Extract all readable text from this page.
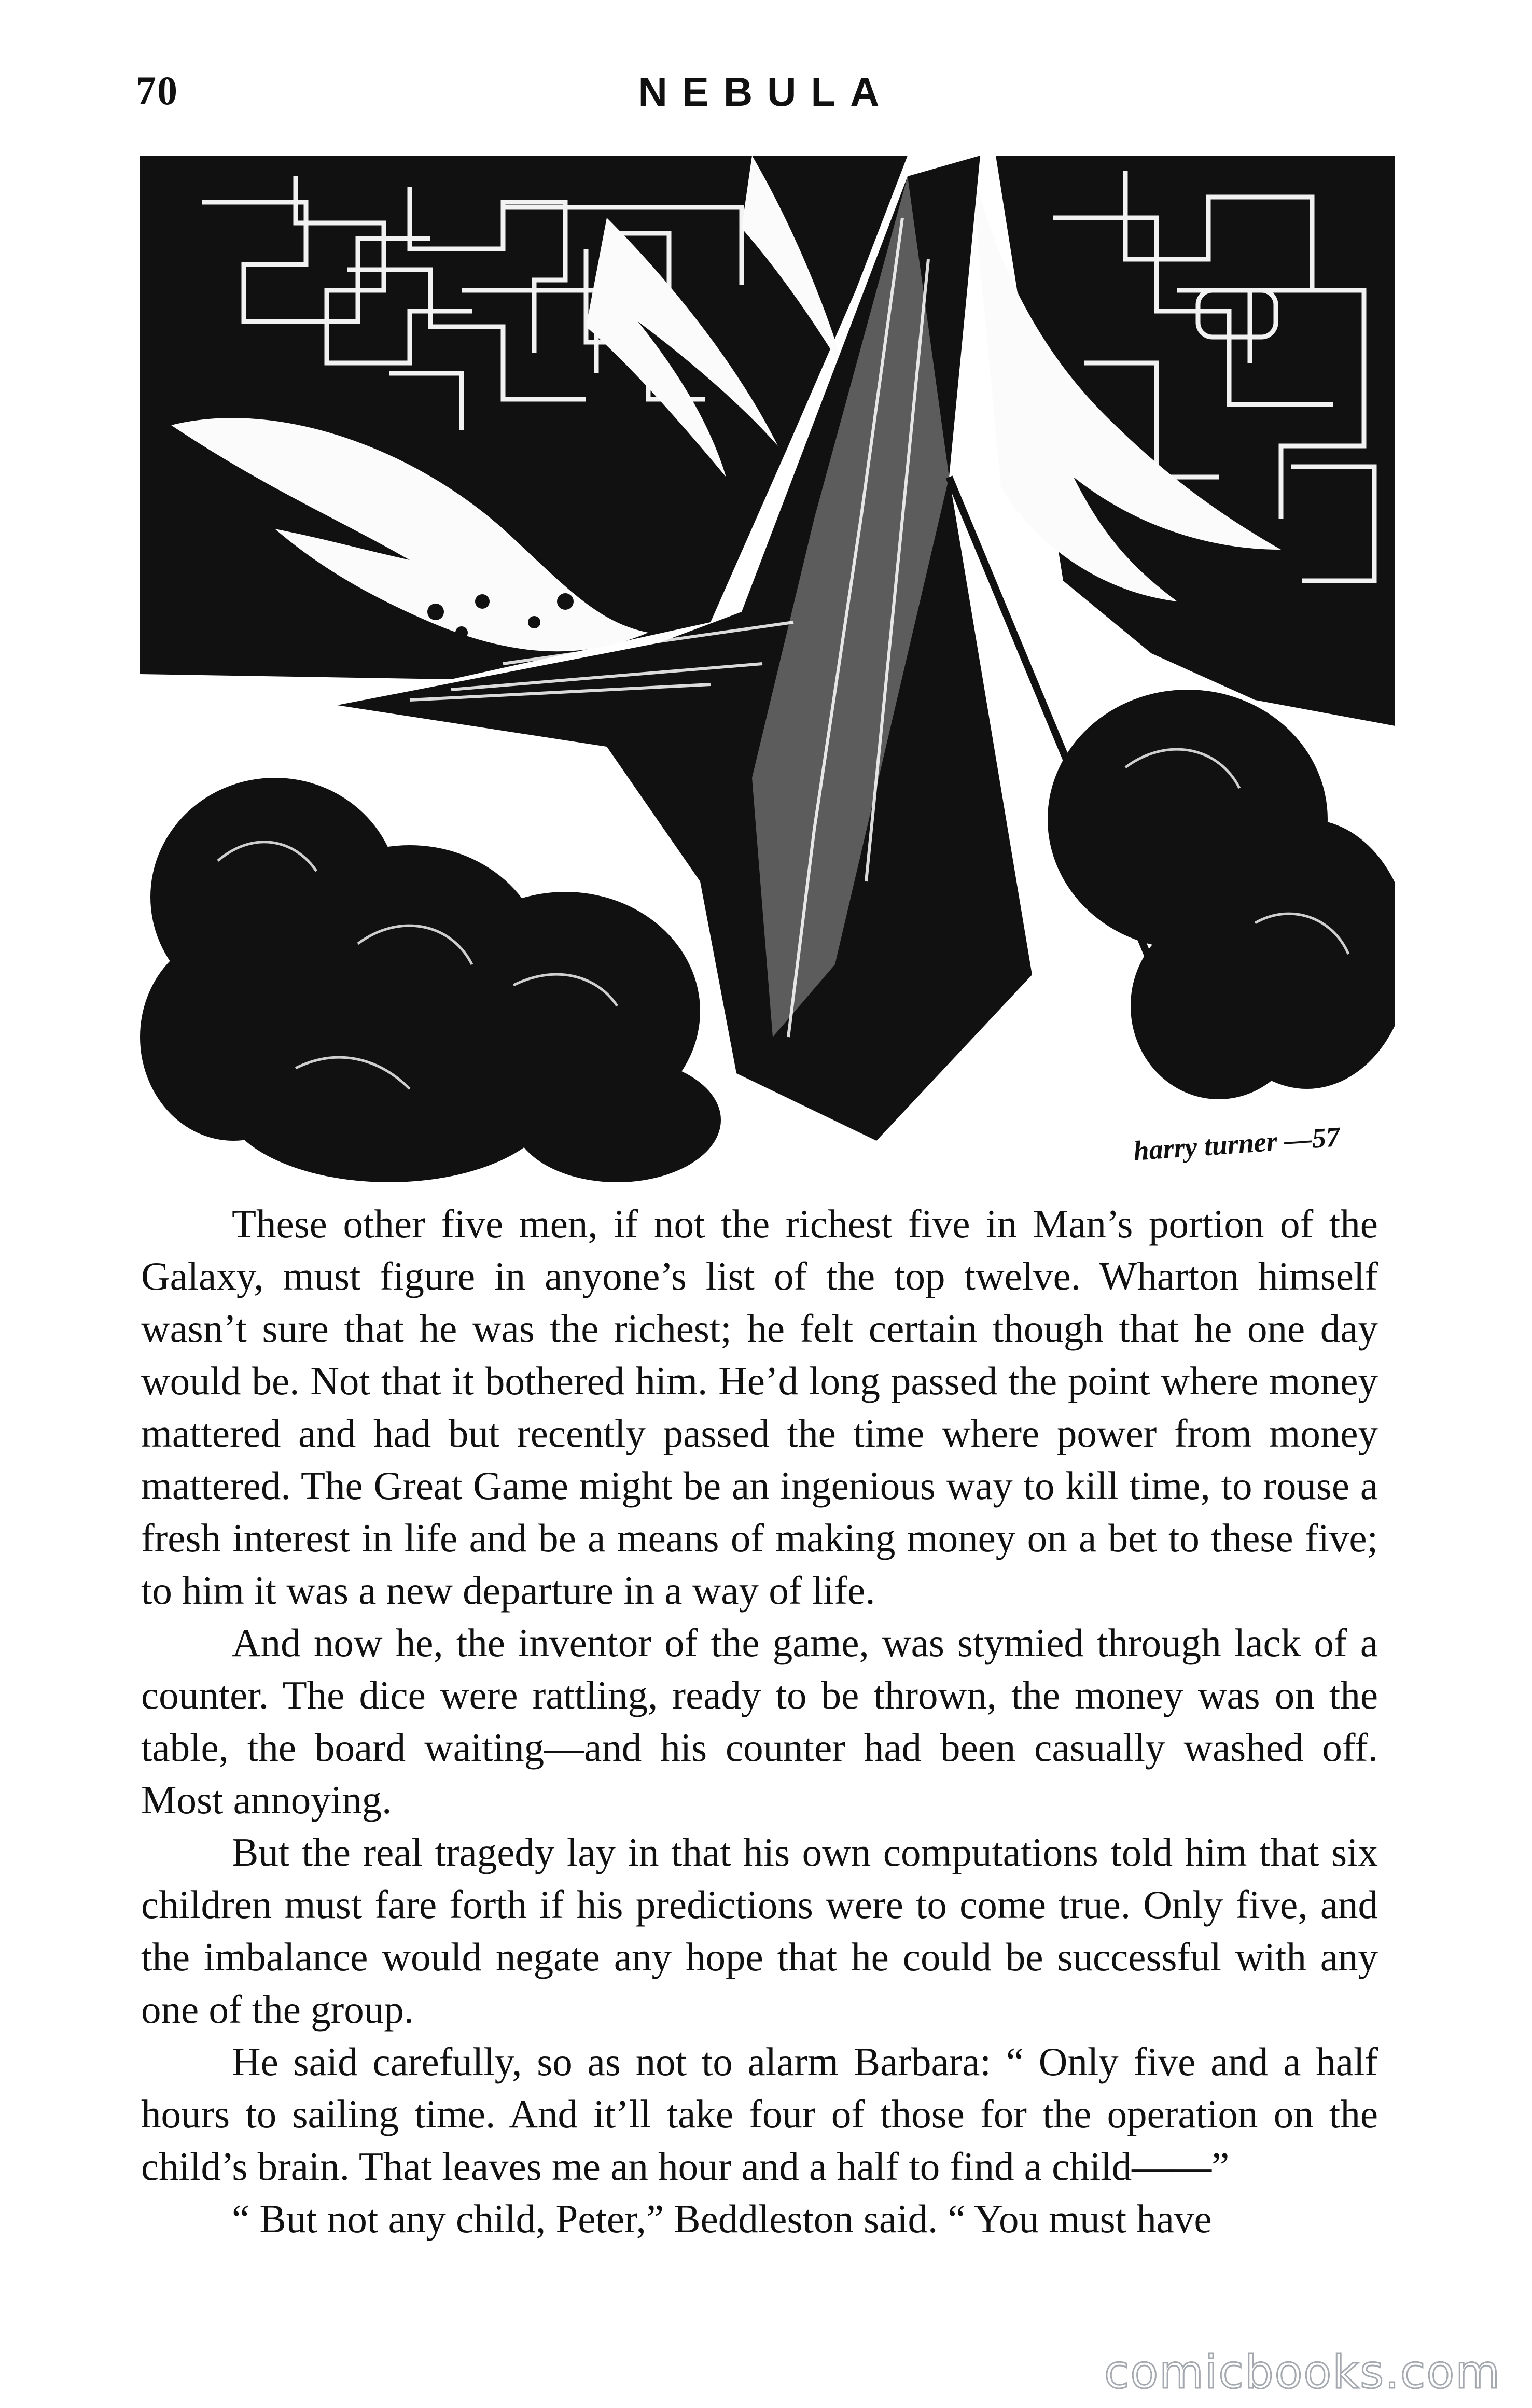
70	NEBULA
harry turner —57

These other five men, if not the richest five in Man’s portion of the Galaxy, must figure in anyone’s list of the top twelve. Wharton himself wasn’t sure that he was the richest; he felt certain though that he one day would be. Not that it bothered him. He’d long passed the point where money mattered and had but recently passed the time where power from money mattered. The Great Game might be an ingenious way to kill time, to rouse a fresh interest in life and be a means of making money on a bet to these five; to him it was a new departure in a way of life.

And now he, the inventor of the game, was stymied through lack of a counter. The dice were rattling, ready to be thrown, the money was on the table, the board waiting—and his counter had been casually washed off. Most annoying.

But the real tragedy lay in that his own computations told him that six children must fare forth if his predictions were to come true. Only five, and the imbalance would negate any hope that he could be successful with any one of the group.

He said carefully, so as not to alarm Barbara: “ Only five and a half hours to sailing time. And it’ll take four of those for the operation on the child’s brain. That leaves me an hour and a half to find a child——”

“ But not any child, Peter,” Beddleston said. “ You must have

comicbooks.com
